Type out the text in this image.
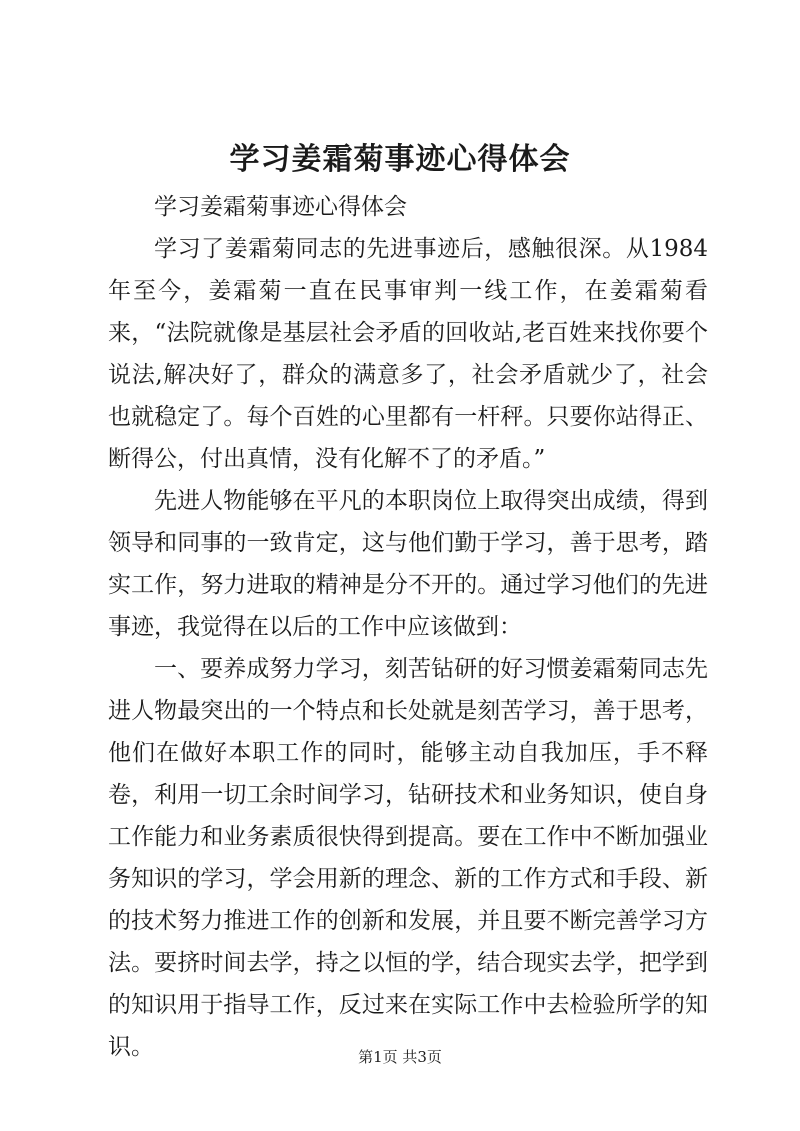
学习姜霜菊事迹心得体会

学习姜霜菊事迹心得体会

学习了姜霜菊同志的先进事迹后，感触很深。从1984年至今，姜霜菊一直在民事审判一线工作，在姜霜菊看来，“法院就像是基层社会矛盾的回收站,老百姓来找你要个说法,解决好了，群众的满意多了，社会矛盾就少了，社会也就稳定了。每个百姓的心里都有一杆秤。只要你站得正、断得公，付出真情，没有化解不了的矛盾。”

先进人物能够在平凡的本职岗位上取得突出成绩，得到领导和同事的一致肯定，这与他们勤于学习，善于思考，踏实工作，努力进取的精神是分不开的。通过学习他们的先进事迹，我觉得在以后的工作中应该做到：

一、要养成努力学习，刻苦钻研的好习惯姜霜菊同志先进人物最突出的一个特点和长处就是刻苦学习，善于思考，他们在做好本职工作的同时，能够主动自我加压，手不释卷，利用一切工余时间学习，钻研技术和业务知识，使自身工作能力和业务素质很快得到提高。要在工作中不断加强业务知识的学习，学会用新的理念、新的工作方式和手段、新的技术努力推进工作的创新和发展，并且要不断完善学习方法。要挤时间去学，持之以恒的学，结合现实去学，把学到的知识用于指导工作，反过来在实际工作中去检验所学的知识。	第1页 共3页
